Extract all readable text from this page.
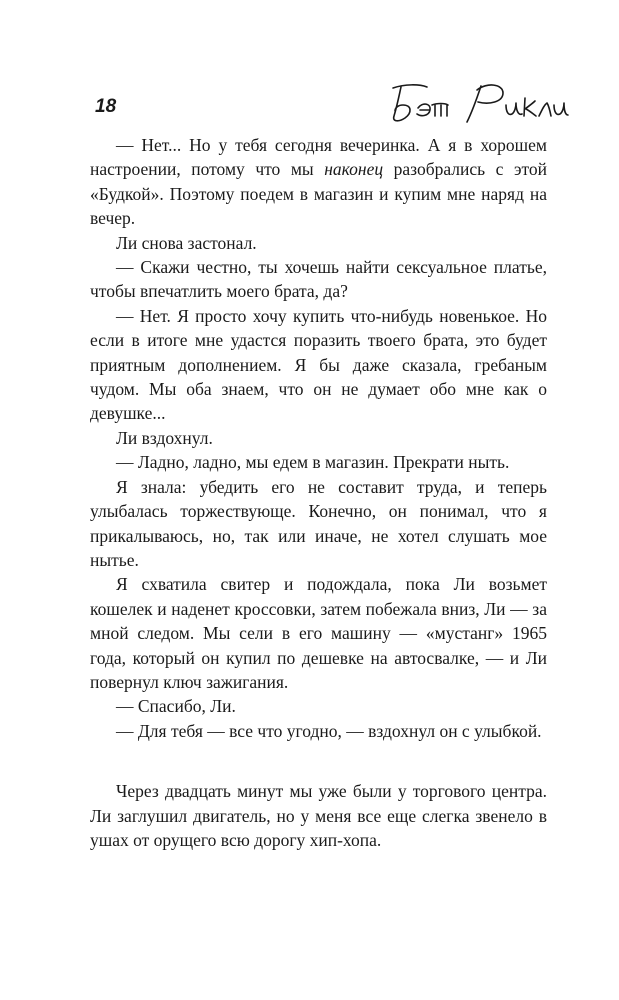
18

— Нет... Но у тебя сегодня вечеринка. А я в хорошем настроении, потому что мы наконец разобрались с этой «Будкой». Поэтому поедем в магазин и купим мне наряд на вечер.

Ли снова застонал.

— Скажи честно, ты хочешь найти сексуальное платье, чтобы впечатлить моего брата, да?

— Нет. Я просто хочу купить что-нибудь новенькое. Но если в итоге мне удастся поразить твоего брата, это будет приятным дополнением. Я бы даже сказала, гребаным чудом. Мы оба знаем, что он не думает обо мне как о девушке...

Ли вздохнул.

— Ладно, ладно, мы едем в магазин. Прекрати ныть.

Я знала: убедить его не составит труда, и теперь улыбалась торжествующе. Конечно, он понимал, что я прикалываюсь, но, так или иначе, не хотел слушать мое нытье.

Я схватила свитер и подождала, пока Ли возьмет кошелек и наденет кроссовки, затем побежала вниз, Ли — за мной следом. Мы сели в его машину — «мустанг» 1965 года, который он купил по дешевке на автосвалке, — и Ли повернул ключ зажигания.

— Спасибо, Ли.

— Для тебя — все что угодно, — вздохнул он с улыбкой.

Через двадцать минут мы уже были у торгового центра. Ли заглушил двигатель, но у меня все еще слегка звенело в ушах от орущего всю дорогу хип-хопа.
